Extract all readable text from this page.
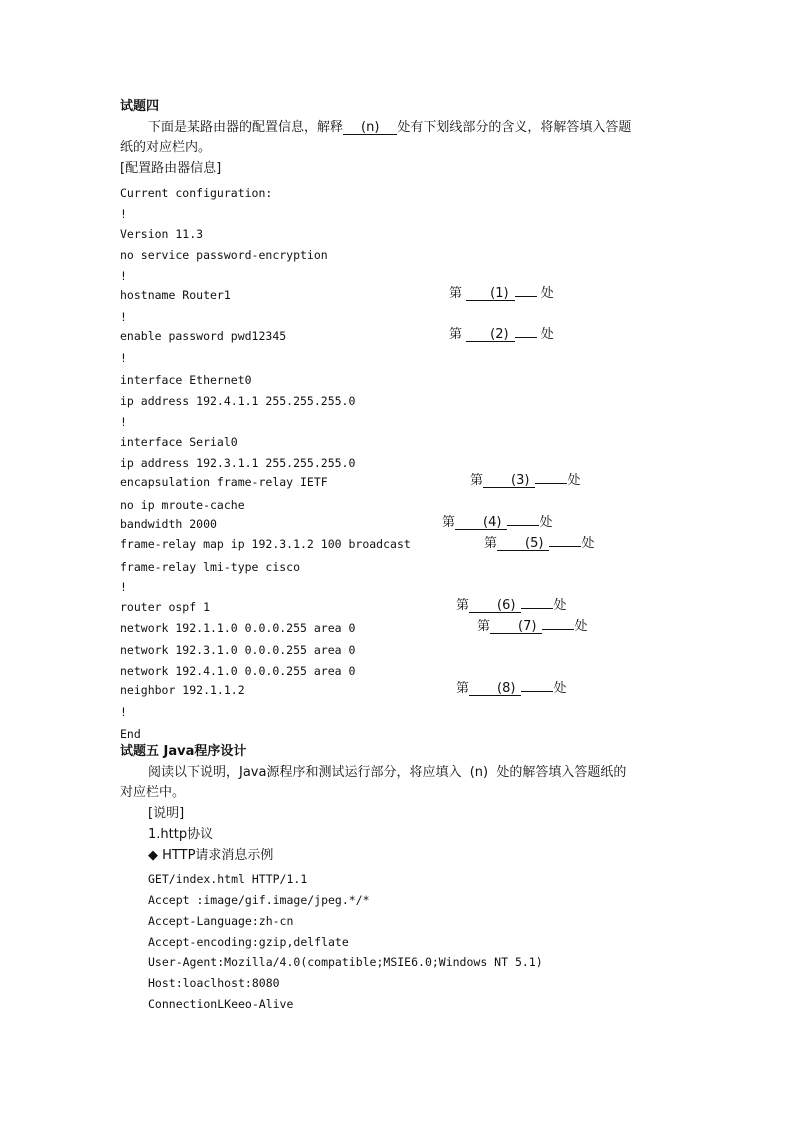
试题四
下面是某路由器的配置信息，解释 (n) 处有下划线部分的含义，将解答填入答题
纸的对应栏内。
[配置路由器信息]
Current configuration:
!
Version 11.3
no service password-encryption
!
hostname Router1
!
enable password pwd12345
!
interface Ethernet0
ip address 192.4.1.1 255.255.255.0
!
interface Serial0
ip address 192.3.1.1 255.255.255.0
encapsulation frame-relay IETF
no ip mroute-cache
bandwidth 2000
frame-relay map ip 192.3.1.2 100 broadcast
frame-relay lmi-type cisco
!
router ospf 1
network 192.1.1.0 0.0.0.255 area 0
network 192.3.1.0 0.0.0.255 area 0
network 192.4.1.0 0.0.0.255 area 0
neighbor 192.1.1.2
!
End
第 (1) 处
第 (2) 处
第 (3)	处
第 (4)	处
第 (5)	处
第 (6)	处
第 (7)	处
第 (8)	处
试题五 Java程序设计
阅读以下说明，Java源程序和测试运行部分，将应填入  (n)  处的解答填入答题纸的
对应栏中。
[说明]
1.http协议
◆ HTTP请求消息示例
GET/index.html HTTP/1.1
Accept :image/gif.image/jpeg.*/*
Accept-Language:zh-cn
Accept-encoding:gzip,delflate
User-Agent:Mozilla/4.0(compatible;MSIE6.0;Windows NT 5.1)
Host:loaclhost:8080
ConnectionLKeeo-Alive
